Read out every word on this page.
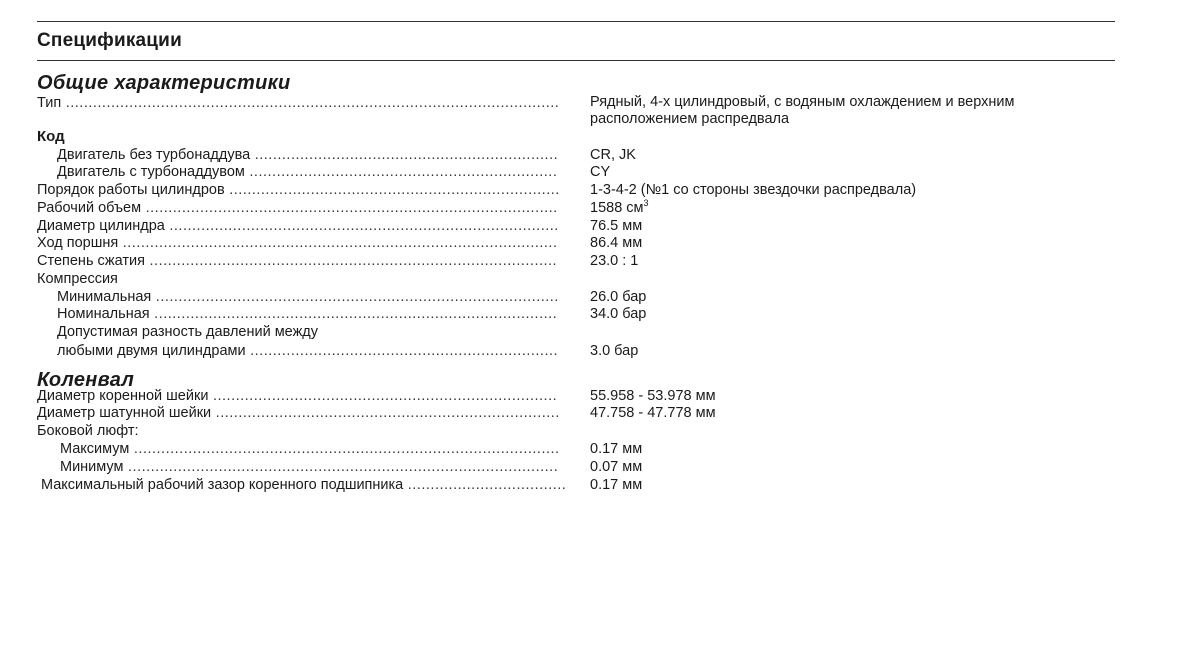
Спецификации
Общие характеристики
Тип .....	Рядный, 4-х цилиндровый, с водяным охлаждением и верхним расположением распредвала
Код
Двигатель без турбонаддува .....	CR, JK
Двигатель с турбонаддувом .....	CY
Порядок работы цилиндров .....	1-3-4-2 (№1 со стороны звездочки распредвала)
Рабочий объем .....	1588 $см^3$
Диаметр цилиндра .....	76.5 мм
Ход поршня .....	86.4 мм
Степень сжатия .....	23.0 : 1
Компрессия
Минимальная .....	26.0 бар
Номинальная .....	34.0 бар
Допустимая разность давлений между
любыми двумя цилиндрами .....	3.0 бар
Коленвал
Диаметр коренной шейки .....	55.958 - 53.978 мм
Диаметр шатунной шейки .....	47.758 - 47.778 мм
Боковой люфт:
Максимум .....	0.17 мм
Минимум .....	0.07 мм
Максимальный рабочий зазор коренного подшипника .....	0.17 мм
